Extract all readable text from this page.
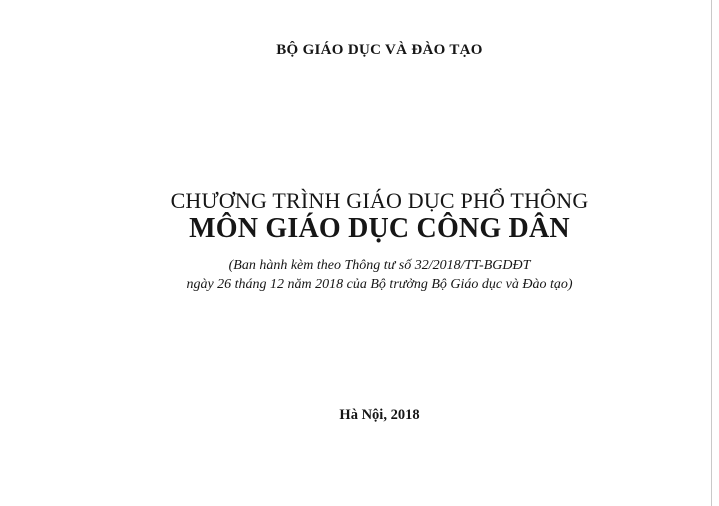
BỘ GIÁO DỤC VÀ ĐÀO TẠO
CHƯƠNG TRÌNH GIÁO DỤC PHỔ THÔNG
MÔN GIÁO DỤC CÔNG DÂN
(Ban hành kèm theo Thông tư số 32/2018/TT-BGDĐT
ngày 26 tháng 12 năm 2018 của Bộ trưởng Bộ Giáo dục và Đào tạo)
Hà Nội, 2018
